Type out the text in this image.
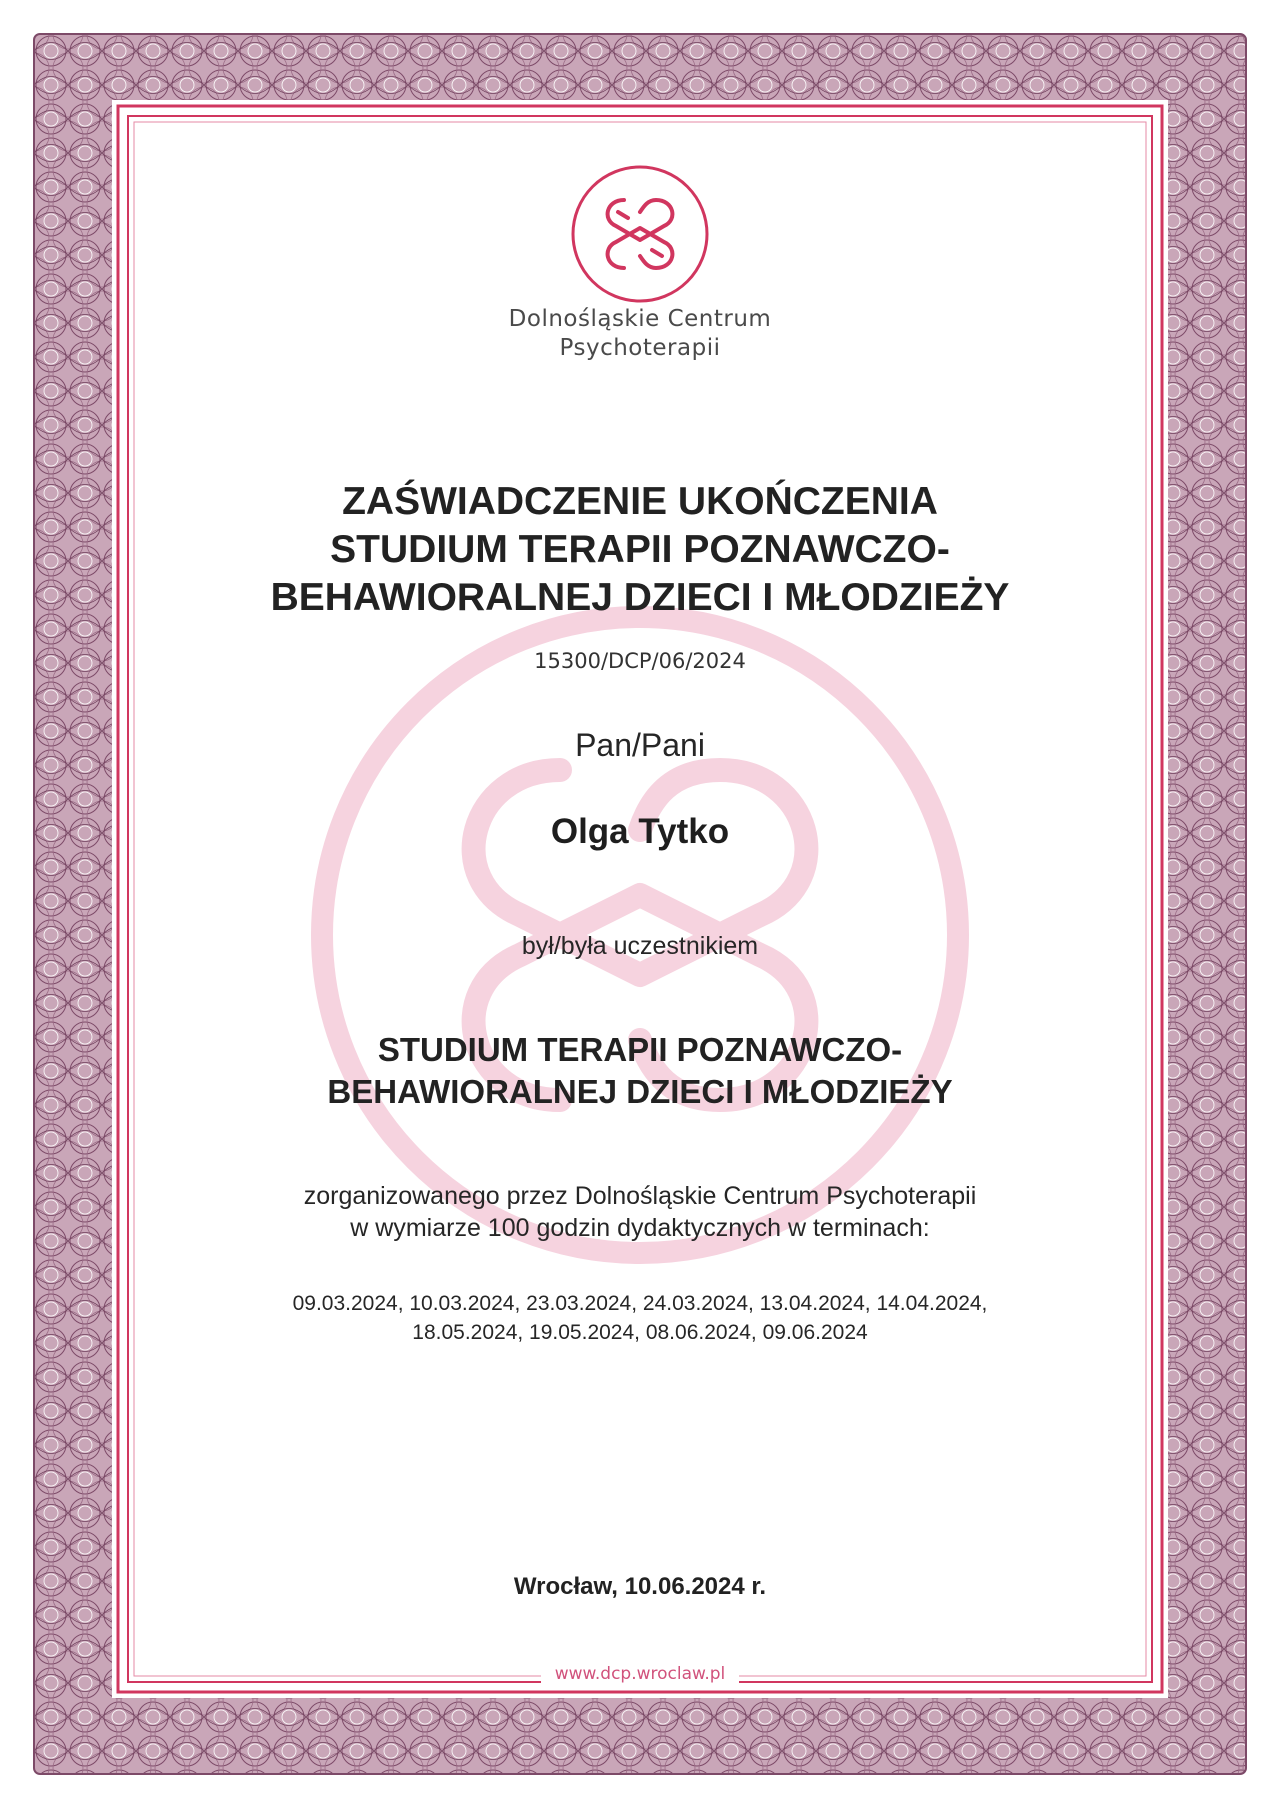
Dolnośląskie Centrum
Psychoterapii
ZAŚWIADCZENIE UKOŃCZENIA
STUDIUM TERAPII POZNAWCZO-
BEHAWIORALNEJ DZIECI I MŁODZIEŻY
15300/DCP/06/2024
Pan/Pani
Olga Tytko
był/była uczestnikiem
STUDIUM TERAPII POZNAWCZO-
BEHAWIORALNEJ DZIECI I MŁODZIEŻY
zorganizowanego przez Dolnośląskie Centrum Psychoterapii
w wymiarze 100 godzin dydaktycznych w terminach:
09.03.2024, 10.03.2024, 23.03.2024, 24.03.2024, 13.04.2024, 14.04.2024,
18.05.2024, 19.05.2024, 08.06.2024, 09.06.2024
Wrocław, 10.06.2024 r.
www.dcp.wroclaw.pl
